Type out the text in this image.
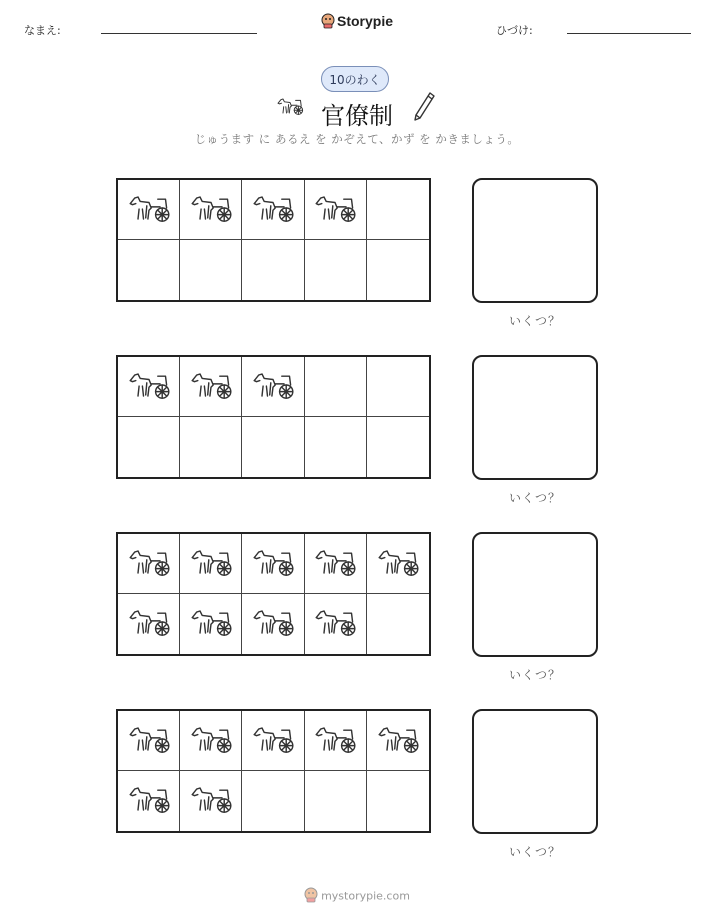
なまえ:
Storypie
ひづけ:
10のわく
官僚制
じゅうます に あるえ を かぞえて、かず を かきましょう。
いくつ？
いくつ？
いくつ？
いくつ？
mystorypie.com
